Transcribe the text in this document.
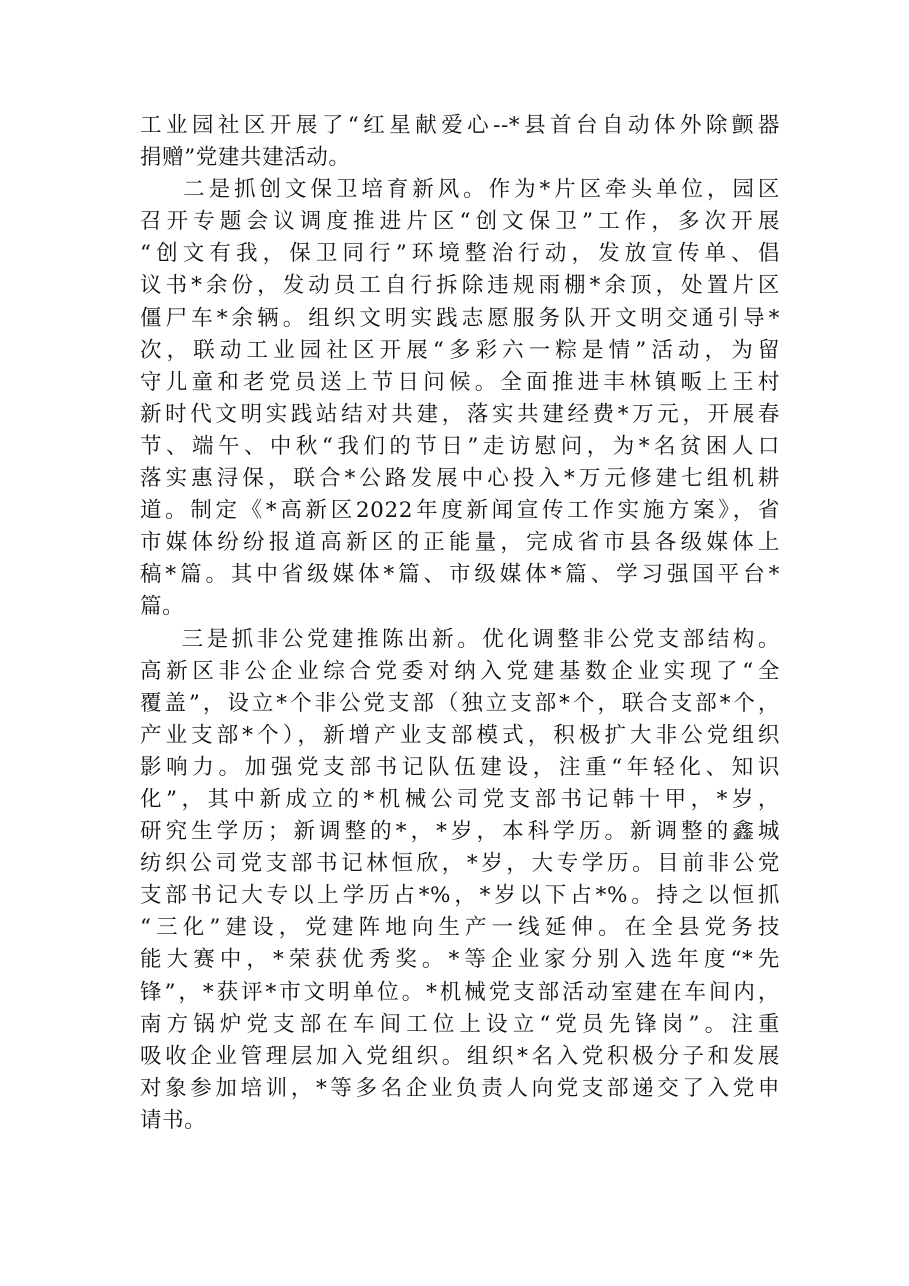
工业园社区开展了“红星献爱心--*县首台自动体外除颤器
捐赠”党建共建活动。
二是抓创文保卫培育新风。作为*片区牵头单位，园区
召开专题会议调度推进片区“创文保卫”工作，多次开展
“创文有我，保卫同行”环境整治行动，发放宣传单、倡
议书*余份，发动员工自行拆除违规雨棚*余顶，处置片区
僵尸车*余辆。组织文明实践志愿服务队开文明交通引导*
次，联动工业园社区开展“多彩六一粽是情”活动，为留
守儿童和老党员送上节日问候。全面推进丰林镇畈上王村
新时代文明实践站结对共建，落实共建经费*万元，开展春
节、端午、中秋“我们的节日”走访慰问，为*名贫困人口
落实惠浔保，联合*公路发展中心投入*万元修建七组机耕
道。制定《*高新区2022年度新闻宣传工作实施方案》，省
市媒体纷纷报道高新区的正能量，完成省市县各级媒体上
稿*篇。其中省级媒体*篇、市级媒体*篇、学习强国平台*
篇。
三是抓非公党建推陈出新。优化调整非公党支部结构。
高新区非公企业综合党委对纳入党建基数企业实现了“全
覆盖”，设立*个非公党支部（独立支部*个，联合支部*个，
产业支部*个），新增产业支部模式，积极扩大非公党组织
影响力。加强党支部书记队伍建设，注重“年轻化、知识
化”，其中新成立的*机械公司党支部书记韩十甲，*岁，
研究生学历；新调整的*，*岁，本科学历。新调整的鑫城
纺织公司党支部书记林恒欣，*岁，大专学历。目前非公党
支部书记大专以上学历占*%，*岁以下占*%。持之以恒抓
“三化”建设，党建阵地向生产一线延伸。在全县党务技
能大赛中，*荣获优秀奖。*等企业家分别入选年度“*先
锋”，*获评*市文明单位。*机械党支部活动室建在车间内，
南方锅炉党支部在车间工位上设立“党员先锋岗”。注重
吸收企业管理层加入党组织。组织*名入党积极分子和发展
对象参加培训，*等多名企业负责人向党支部递交了入党申
请书。
